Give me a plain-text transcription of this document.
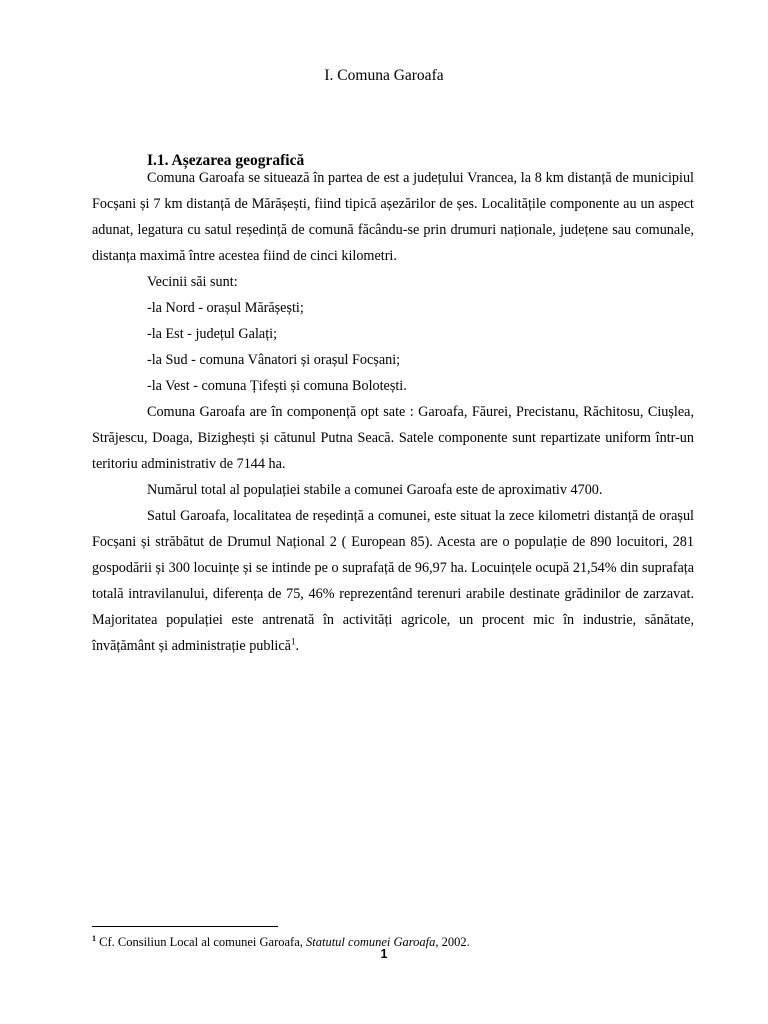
I. Comuna Garoafa
I.1. Așezarea geografică

Comuna Garoafa se situează în partea de est a județului Vrancea, la 8 km distanță de municipiul Focșani și 7 km distanță de Mărășești, fiind tipică așezărilor de șes. Localitățile componente au un aspect adunat, legatura cu satul reședință de comună făcându-se prin drumuri naționale, județene sau comunale, distanța maximă între acestea fiind de cinci kilometri.

Vecinii săi sunt:

-la Nord - orașul Mărășești;

-la Est - județul Galați;

-la Sud - comuna Vânatori și orașul Focșani;

-la Vest - comuna Țifești și comuna Bolotești.

Comuna Garoafa are în componență opt sate : Garoafa, Făurei, Precistanu, Răchitosu, Ciușlea, Străjescu, Doaga, Bizighești și cătunul Putna Seacă. Satele componente sunt repartizate uniform într-un teritoriu administrativ de 7144 ha.

Numărul total al populației stabile a comunei Garoafa este de aproximativ 4700.

Satul Garoafa, localitatea de reședință a comunei, este situat la zece kilometri distanță de orașul Focșani și străbătut de Drumul Național 2 ( European 85). Acesta are o populație de 890 locuitori, 281 gospodării și 300 locuințe și se intinde pe o suprafață de 96,97 ha. Locuințele ocupă 21,54% din suprafața totală intravilanului, diferența de 75, 46% reprezentând terenuri arabile destinate grădinilor de zarzavat. Majoritatea populației este antrenată în activități agricole, un procent mic în industrie, sănătate, învățământ și administrație publică$^1$.

$^1$ Cf. Consiliun Local al comunei Garoafa, Statutul comunei Garoafa, 2002.
1
